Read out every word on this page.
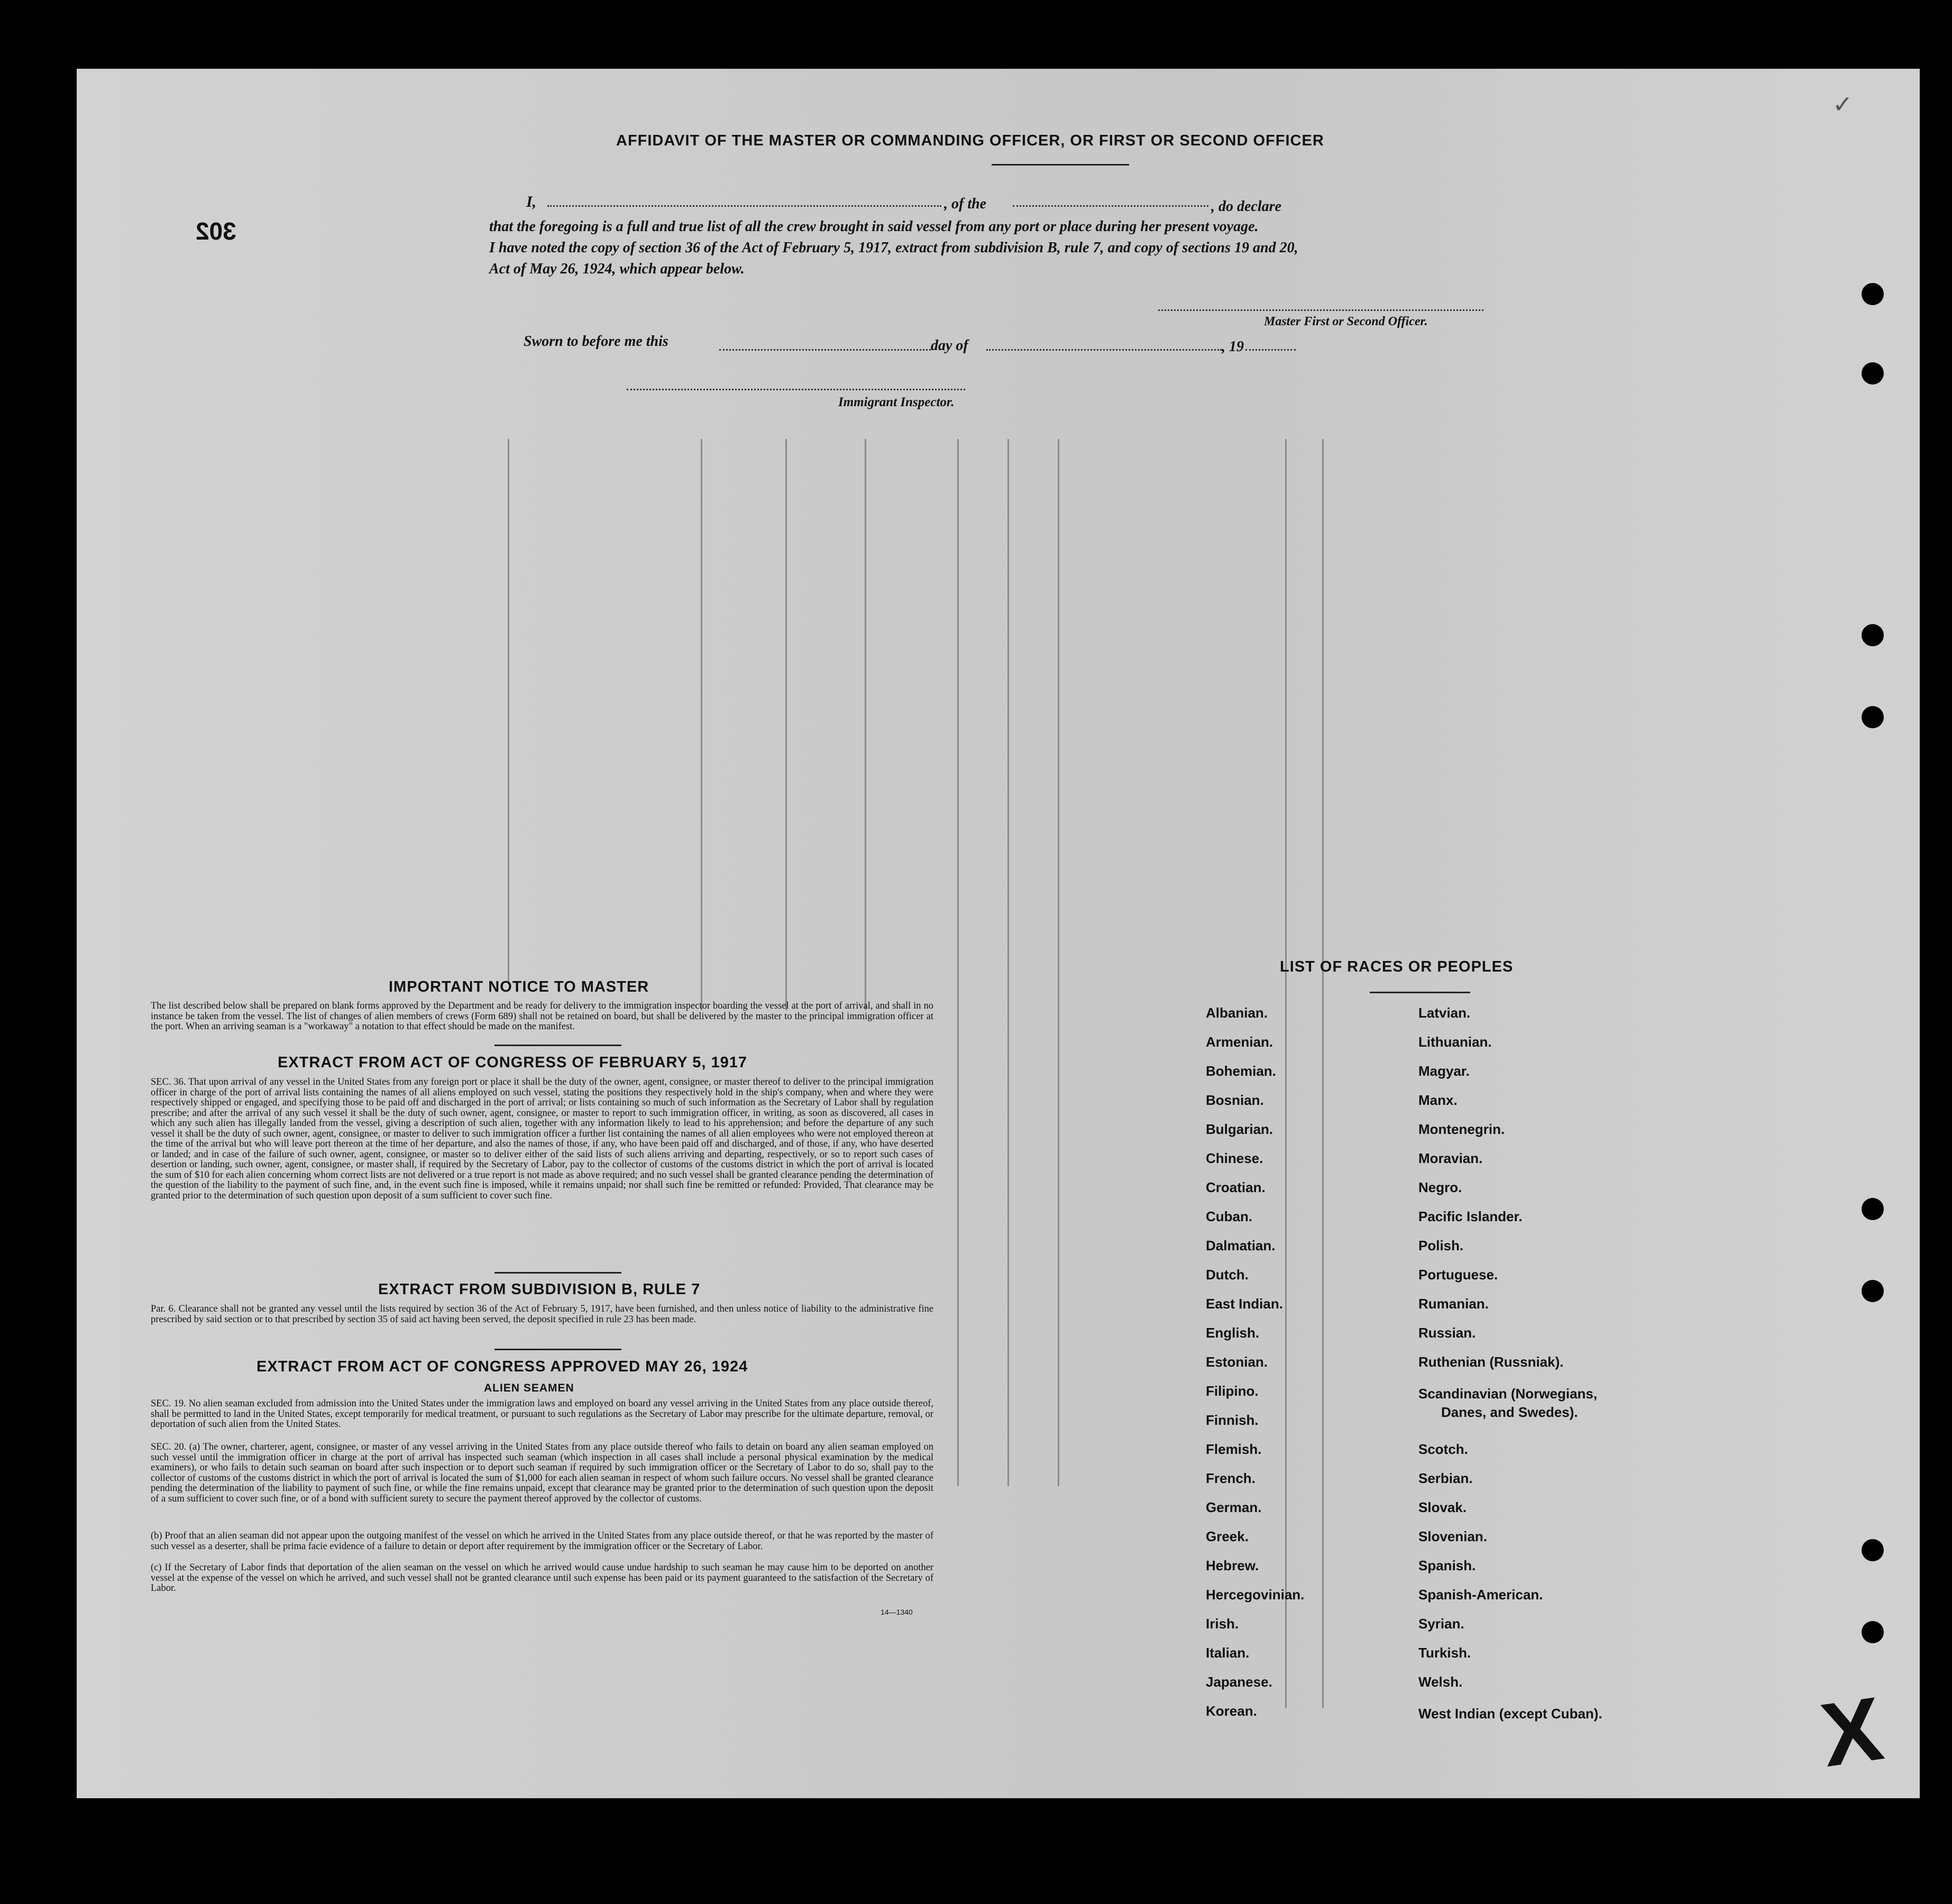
302
AFFIDAVIT OF THE MASTER OR COMMANDING OFFICER, OR FIRST OR SECOND OFFICER
I,	, of the	, do declare
that the foregoing is a full and true list of all the crew brought in said vessel from any port or place during her present voyage.
I have noted the copy of section 36 of the Act of February 5, 1917, extract from subdivision B, rule 7, and copy of sections 19 and 20,
Act of May 26, 1924, which appear below.
Master First or Second Officer.
Sworn to before me this	day of	, 19
Immigrant Inspector.
IMPORTANT NOTICE TO MASTER
The list described below shall be prepared on blank forms approved by the Department and be ready for delivery to the immigration inspector boarding the vessel at the port of arrival, and shall in no instance be taken from the vessel. The list of changes of alien members of crews (Form 689) shall not be retained on board, but shall be delivered by the master to the principal immigration officer at the port. When an arriving seaman is a "workaway" a notation to that effect should be made on the manifest.
EXTRACT FROM ACT OF CONGRESS OF FEBRUARY 5, 1917
SEC. 36. That upon arrival of any vessel in the United States from any foreign port or place it shall be the duty of the owner, agent, consignee, or master thereof to deliver to the principal immigration officer in charge of the port of arrival lists containing the names of all aliens employed on such vessel, stating the positions they respectively hold in the ship's company, when and where they were respectively shipped or engaged, and specifying those to be paid off and discharged in the port of arrival; or lists containing so much of such information as the Secretary of Labor shall by regulation prescribe; and after the arrival of any such vessel it shall be the duty of such owner, agent, consignee, or master to report to such immigration officer, in writing, as soon as discovered, all cases in which any such alien has illegally landed from the vessel, giving a description of such alien, together with any information likely to lead to his apprehension; and before the departure of any such vessel it shall be the duty of such owner, agent, consignee, or master to deliver to such immigration officer a further list containing the names of all alien employees who were not employed thereon at the time of the arrival but who will leave port thereon at the time of her departure, and also the names of those, if any, who have been paid off and discharged, and of those, if any, who have deserted or landed; and in case of the failure of such owner, agent, consignee, or master so to deliver either of the said lists of such aliens arriving and departing, respectively, or so to report such cases of desertion or landing, such owner, agent, consignee, or master shall, if required by the Secretary of Labor, pay to the collector of customs of the customs district in which the port of arrival is located the sum of $10 for each alien concerning whom correct lists are not delivered or a true report is not made as above required; and no such vessel shall be granted clearance pending the determination of the question of the liability to the payment of such fine, and, in the event such fine is imposed, while it remains unpaid; nor shall such fine be remitted or refunded: Provided, That clearance may be granted prior to the determination of such question upon deposit of a sum sufficient to cover such fine.
EXTRACT FROM SUBDIVISION B, RULE 7
Par. 6. Clearance shall not be granted any vessel until the lists required by section 36 of the Act of February 5, 1917, have been furnished, and then unless notice of liability to the administrative fine prescribed by said section or to that prescribed by section 35 of said act having been served, the deposit specified in rule 23 has been made.
EXTRACT FROM ACT OF CONGRESS APPROVED MAY 26, 1924
ALIEN SEAMEN
SEC. 19. No alien seaman excluded from admission into the United States under the immigration laws and employed on board any vessel arriving in the United States from any place outside thereof, shall be permitted to land in the United States, except temporarily for medical treatment, or pursuant to such regulations as the Secretary of Labor may prescribe for the ultimate departure, removal, or deportation of such alien from the United States.
SEC. 20. (a) The owner, charterer, agent, consignee, or master of any vessel arriving in the United States from any place outside thereof who fails to detain on board any alien seaman employed on such vessel until the immigration officer in charge at the port of arrival has inspected such seaman (which inspection in all cases shall include a personal physical examination by the medical examiners), or who fails to detain such seaman on board after such inspection or to deport such seaman if required by such immigration officer or the Secretary of Labor to do so, shall pay to the collector of customs of the customs district in which the port of arrival is located the sum of $1,000 for each alien seaman in respect of whom such failure occurs. No vessel shall be granted clearance pending the determination of the liability to payment of such fine, or while the fine remains unpaid, except that clearance may be granted prior to the determination of such question upon the deposit of a sum sufficient to cover such fine, or of a bond with sufficient surety to secure the payment thereof approved by the collector of customs.
(b) Proof that an alien seaman did not appear upon the outgoing manifest of the vessel on which he arrived in the United States from any place outside thereof, or that he was reported by the master of such vessel as a deserter, shall be prima facie evidence of a failure to detain or deport after requirement by the immigration officer or the Secretary of Labor.
(c) If the Secretary of Labor finds that deportation of the alien seaman on the vessel on which he arrived would cause undue hardship to such seaman he may cause him to be deported on another vessel at the expense of the vessel on which he arrived, and such vessel shall not be granted clearance until such expense has been paid or its payment guaranteed to the satisfaction of the Secretary of Labor.
14—1340
LIST OF RACES OR PEOPLES
Albanian.
Armenian.
Bohemian.
Bosnian.
Bulgarian.
Chinese.
Croatian.
Cuban.
Dalmatian.
Dutch.
East Indian.
English.
Estonian.
Filipino.
Finnish.
Flemish.
French.
German.
Greek.
Hebrew.
Hercegovinian.
Irish.
Italian.
Japanese.
Korean.
Latvian.
Lithuanian.
Magyar.
Manx.
Montenegrin.
Moravian.
Negro.
Pacific Islander.
Polish.
Portuguese.
Rumanian.
Russian.
Ruthenian (Russniak).
Scandinavian (Norwegians,
Danes, and Swedes).
Scotch.
Serbian.
Slovak.
Slovenian.
Spanish.
Spanish-American.
Syrian.
Turkish.
Welsh.
West Indian (except Cuban). X
✓
